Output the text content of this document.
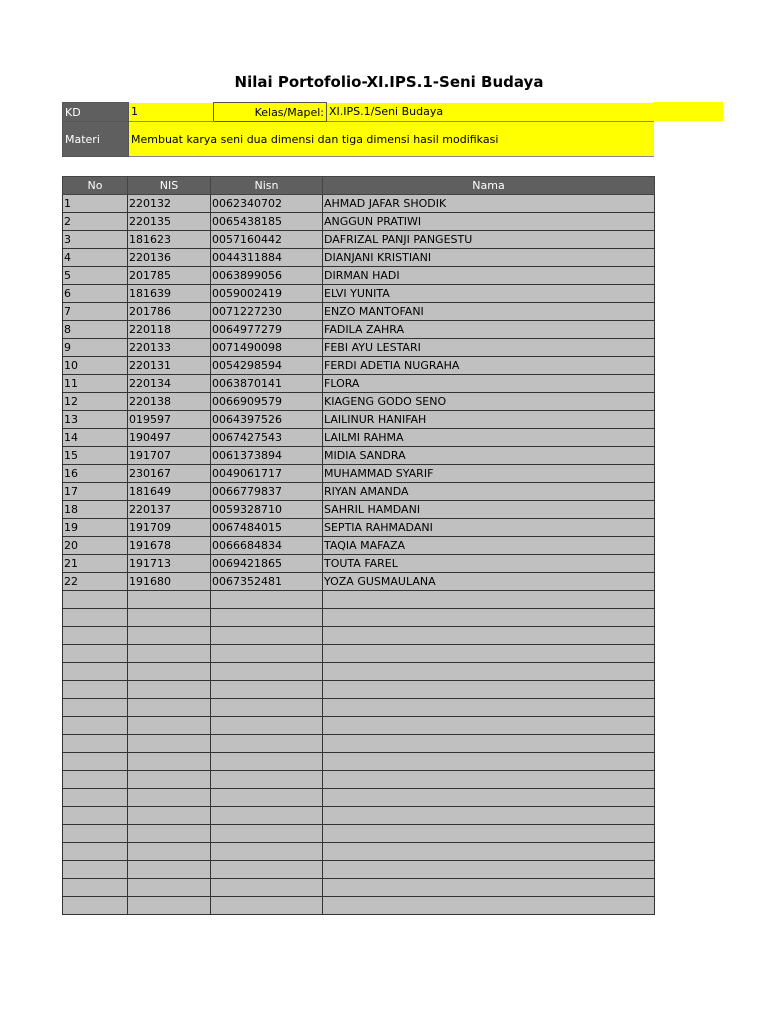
Nilai Portofolio-XI.IPS.1-Seni Budaya
KD	1	Kelas/Mapel:	XI.IPS.1/Seni Budaya
Materi	Membuat karya seni dua dimensi dan tiga dimensi hasil modifikasi		
No	NIS	Nisn	Nama
1	220132	0062340702	AHMAD JAFAR SHODIK
2	220135	0065438185	ANGGUN PRATIWI
3	181623	0057160442	DAFRIZAL PANJI PANGESTU
4	220136	0044311884	DIANJANI KRISTIANI
5	201785	0063899056	DIRMAN HADI
6	181639	0059002419	ELVI YUNITA
7	201786	0071227230	ENZO MANTOFANI
8	220118	0064977279	FADILA ZAHRA
9	220133	0071490098	FEBI AYU LESTARI
10	220131	0054298594	FERDI ADETIA NUGRAHA
11	220134	0063870141	FLORA
12	220138	0066909579	KIAGENG GODO SENO
13	019597	0064397526	LAILINUR HANIFAH
14	190497	0067427543	LAILMI RAHMA
15	191707	0061373894	MIDIA SANDRA
16	230167	0049061717	MUHAMMAD SYARIF
17	181649	0066779837	RIYAN AMANDA
18	220137	0059328710	SAHRIL HAMDANI
19	191709	0067484015	SEPTIA RAHMADANI
20	191678	0066684834	TAQIA MAFAZA
21	191713	0069421865	TOUTA FAREL
22	191680	0067352481	YOZA GUSMAULANA
